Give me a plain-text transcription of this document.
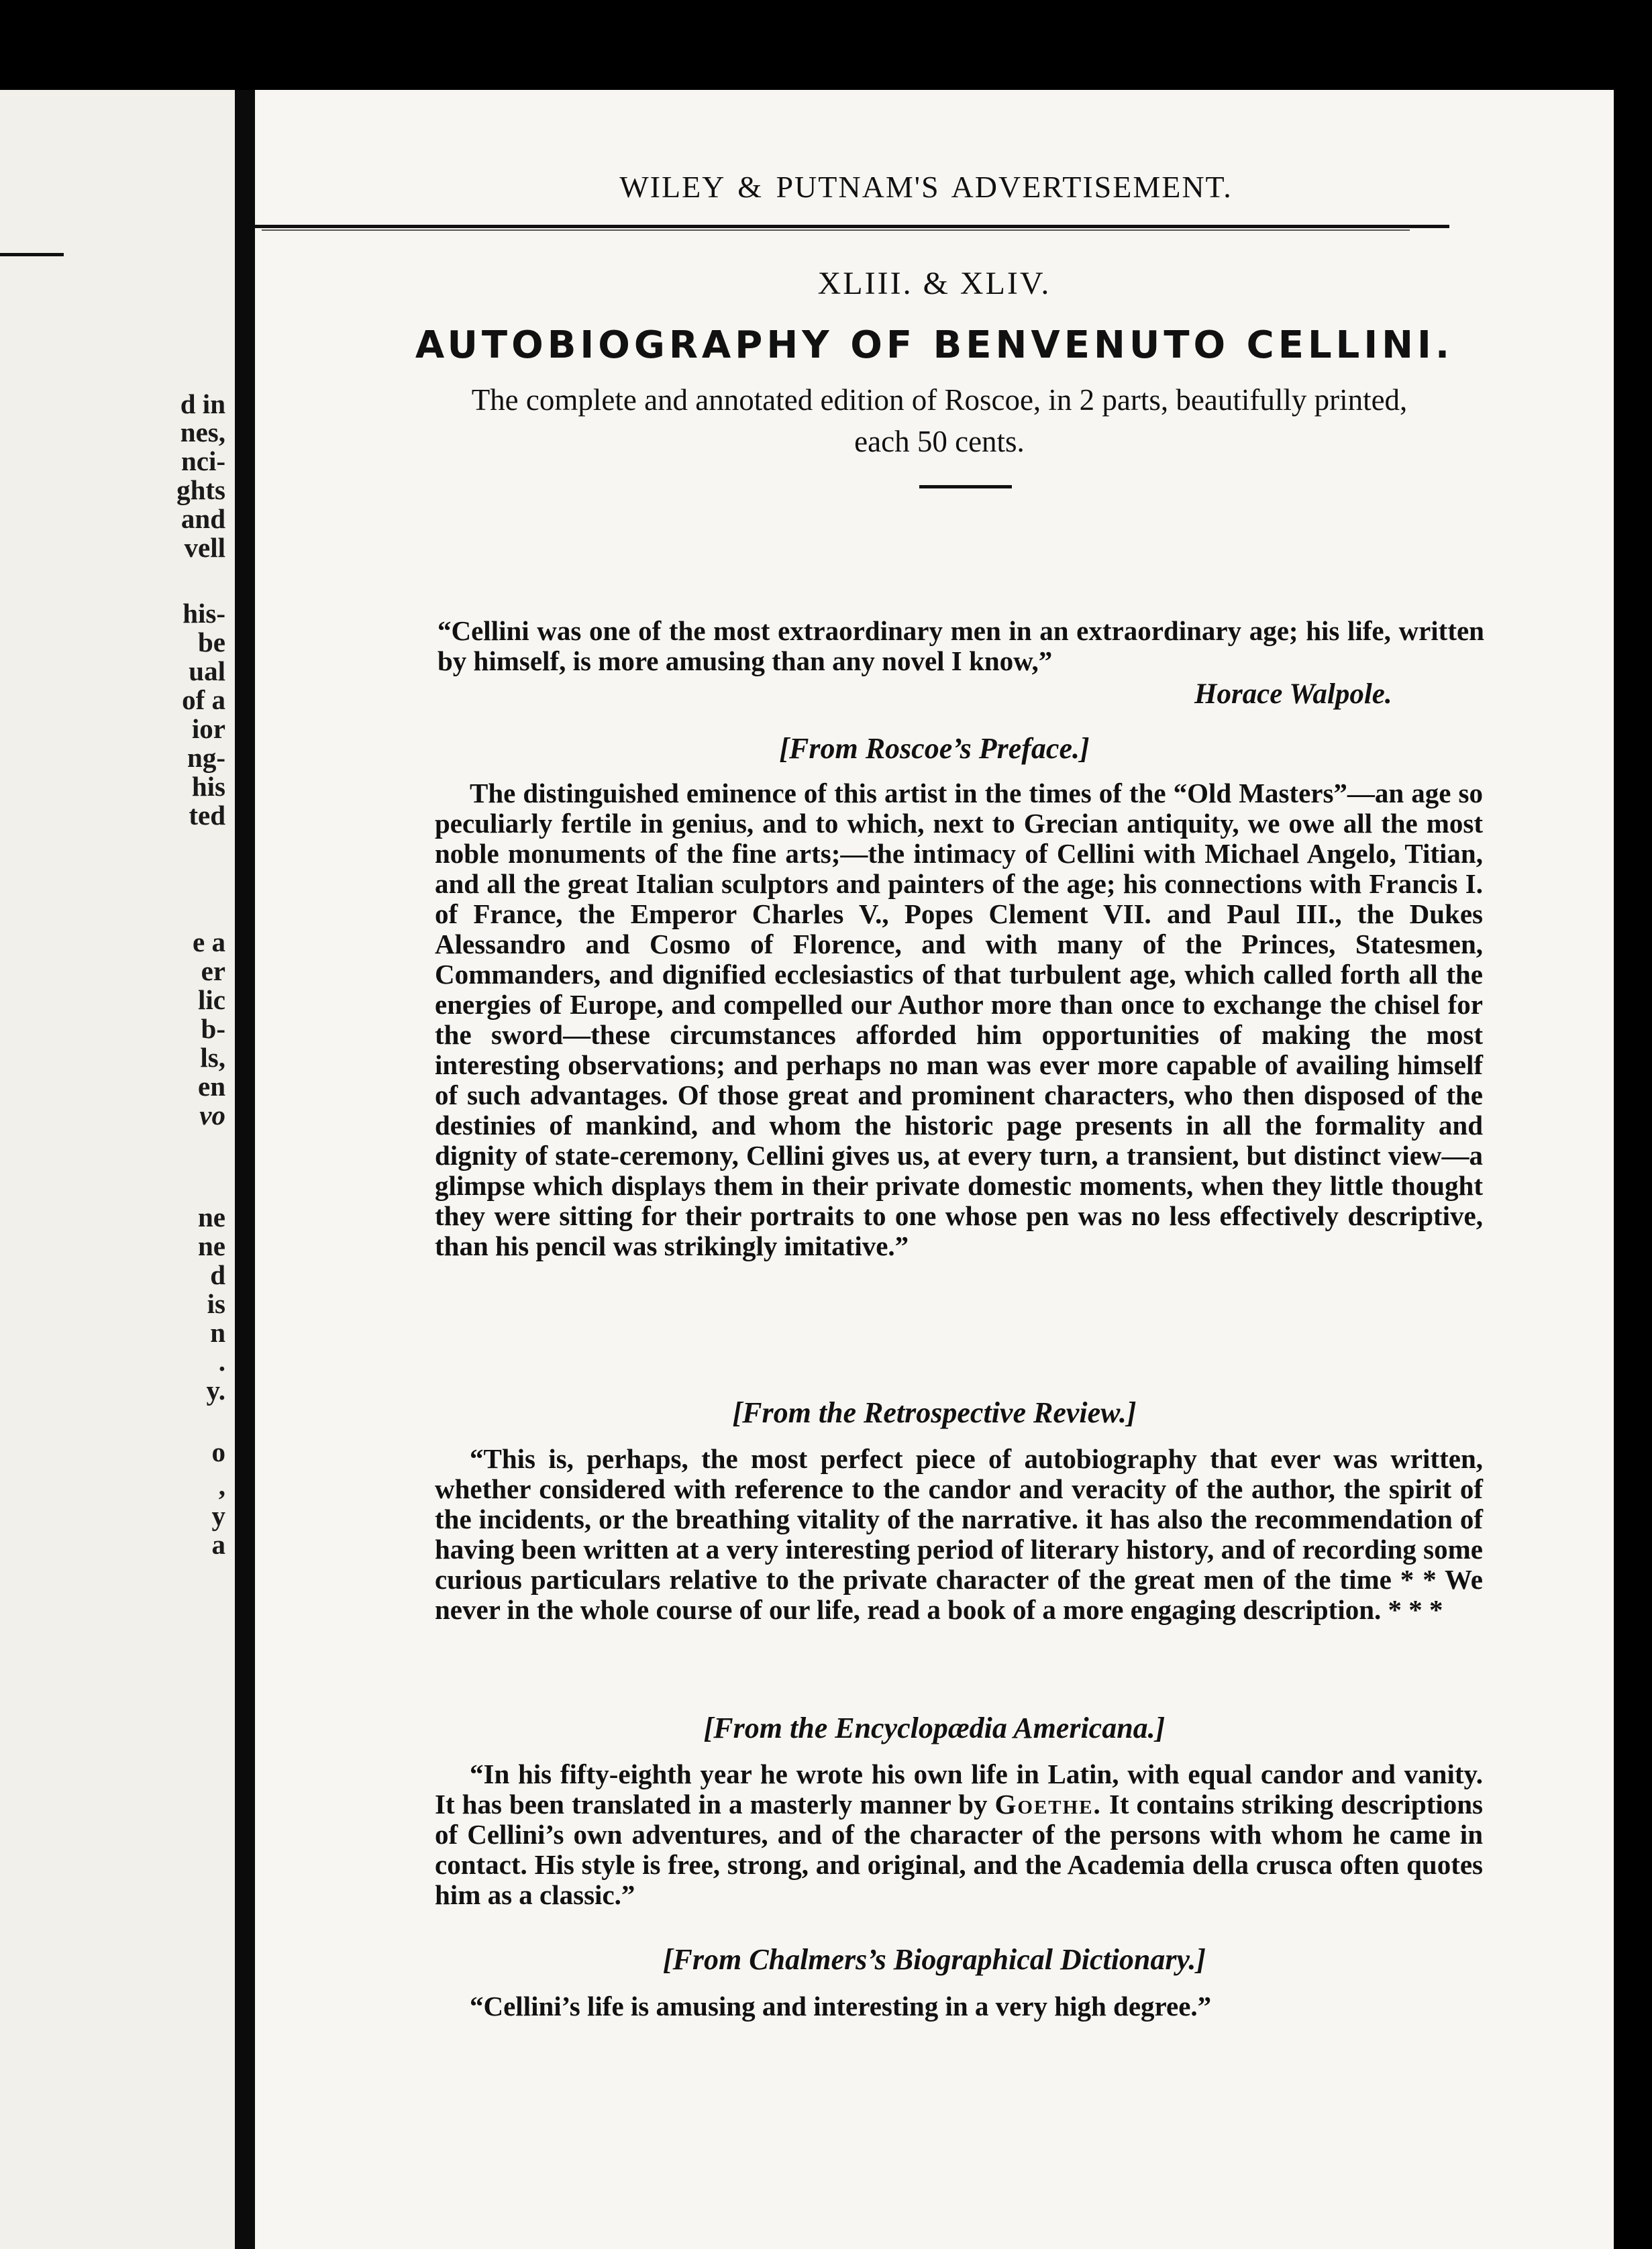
d in
nes,
nci-
ghts
and
vell
his-
be
ual
of a
ior
ng-
his
ted
e a
er
lic
b-
ls,
en
vo
ne
ne
d
is
n
.
y.
o
,
y
a
WILEY & PUTNAM'S ADVERTISEMENT.
XLIII. & XLIV.
AUTOBIOGRAPHY OF BENVENUTO CELLINI.
The complete and annotated edition of Roscoe, in 2 parts, beautifully printed, each 50 cents.
“Cellini was one of the most extraordinary men in an extraordinary age; his life, written by himself, is more amusing than any novel I know,”
Horace Walpole.
[From Roscoe’s Preface.]
The distinguished eminence of this artist in the times of the “Old Masters”—an age so peculiarly fertile in genius, and to which, next to Grecian antiquity, we owe all the most noble monuments of the fine arts;—the intimacy of Cellini with Michael Angelo, Titian, and all the great Italian sculptors and painters of the age; his connections with Francis I. of France, the Emperor Charles V., Popes Clement VII. and Paul III., the Dukes Alessandro and Cosmo of Florence, and with many of the Princes, Statesmen, Commanders, and dignified ecclesiastics of that turbulent age, which called forth all the energies of Europe, and compelled our Author more than once to exchange the chisel for the sword—these circumstances afforded him opportunities of making the most interesting observations; and perhaps no man was ever more capable of availing himself of such advantages. Of those great and prominent characters, who then disposed of the destinies of mankind, and whom the historic page presents in all the formality and dignity of state-ceremony, Cellini gives us, at every turn, a transient, but distinct view—a glimpse which displays them in their private domestic moments, when they little thought they were sitting for their portraits to one whose pen was no less effectively descriptive, than his pencil was strikingly imitative.”
[From the Retrospective Review.]
“This is, perhaps, the most perfect piece of autobiography that ever was written, whether considered with reference to the candor and veracity of the author, the spirit of the incidents, or the breathing vitality of the narrative. it has also the recommendation of having been written at a very interesting period of literary history, and of recording some curious particulars relative to the private character of the great men of the time * * We never in the whole course of our life, read a book of a more engaging description. * * *
[From the Encyclopædia Americana.]
“In his fifty-eighth year he wrote his own life in Latin, with equal candor and vanity. It has been translated in a masterly manner by Goethe. It contains striking descriptions of Cellini’s own adventures, and of the character of the persons with whom he came in contact. His style is free, strong, and original, and the Academia della crusca often quotes him as a classic.”
[From Chalmers’s Biographical Dictionary.]
“Cellini’s life is amusing and interesting in a very high degree.”
